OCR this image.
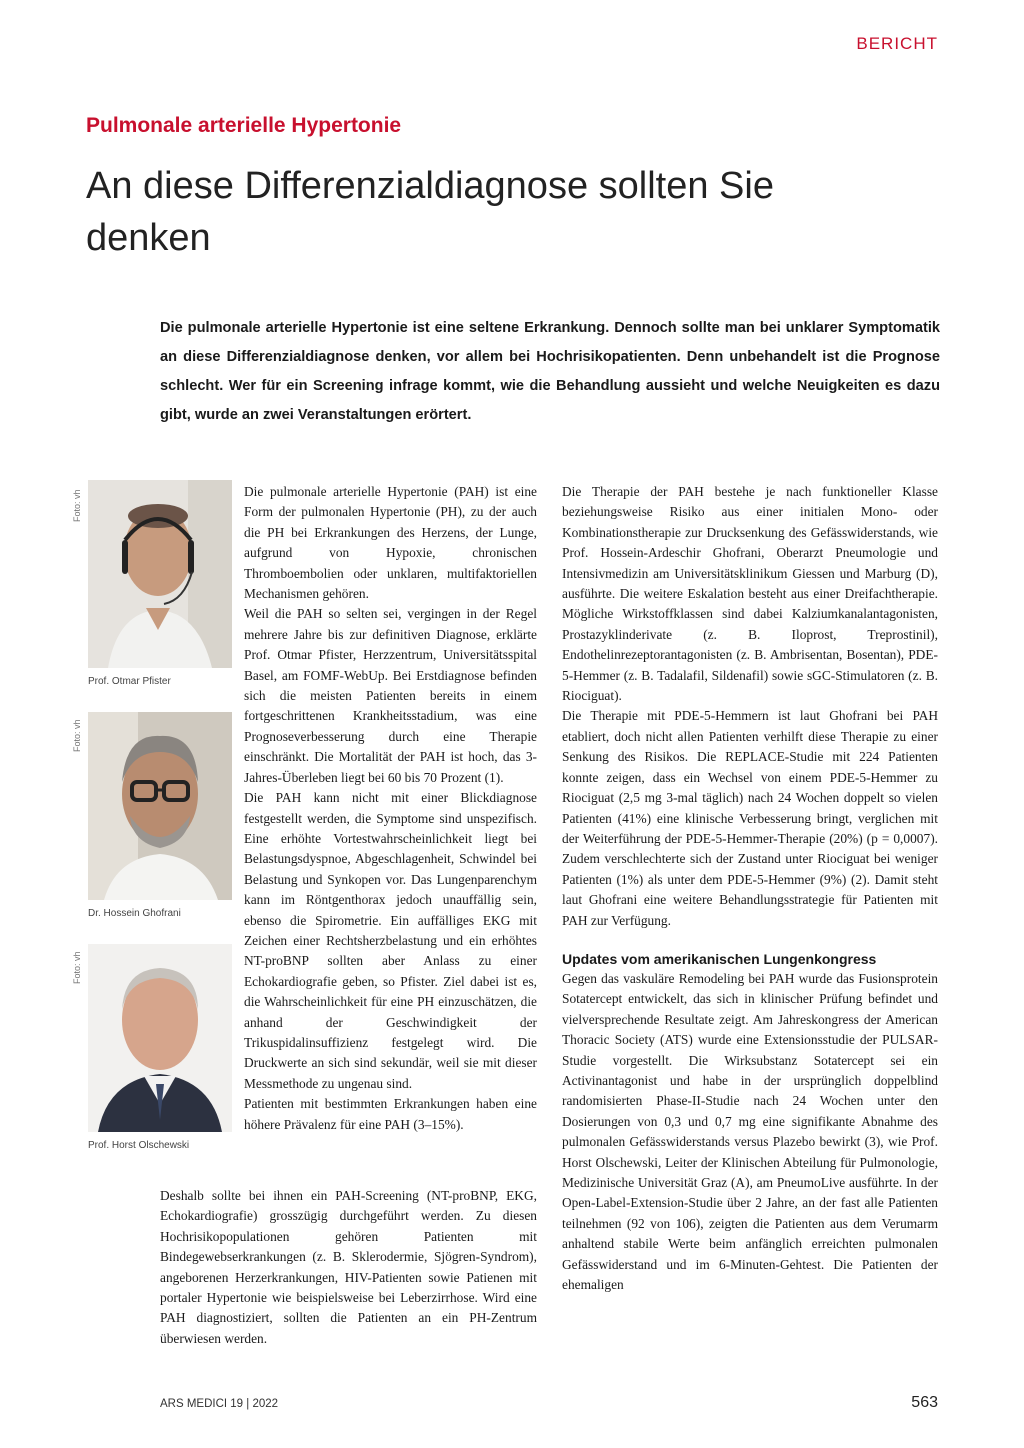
BERICHT
Pulmonale arterielle Hypertonie
An diese Differenzialdiagnose sollten Sie denken

Die pulmonale arterielle Hypertonie ist eine seltene Erkrankung. Dennoch sollte man bei unklarer Symptomatik an diese Differenzialdiagnose denken, vor allem bei Hochrisikopatienten. Denn unbehandelt ist die Prognose schlecht. Wer für ein Screening infrage kommt, wie die Behandlung aussieht und welche Neuigkeiten es dazu gibt, wurde an zwei Veranstaltungen erörtert.

Foto: vh
Prof. Otmar Pfister
Foto: vh
Dr. Hossein Ghofrani
Foto: vh
Prof. Horst Olschewski

Die pulmonale arterielle Hypertonie (PAH) ist eine Form der pulmonalen Hypertonie (PH), zu der auch die PH bei Erkrankungen des Herzens, der Lunge, aufgrund von Hypoxie, chronischen Thromboembolien oder unklaren, multifaktoriellen Mechanismen gehören.

Weil die PAH so selten sei, vergingen in der Regel mehrere Jahre bis zur definitiven Diagnose, erklärte Prof. Otmar Pfister, Herzzentrum, Universitätsspital Basel, am FOMF-WebUp. Bei Erstdiagnose befinden sich die meisten Patienten bereits in einem fortgeschrittenen Krankheitsstadium, was eine Prognoseverbesserung durch eine Therapie einschränkt. Die Mortalität der PAH ist hoch, das 3-Jahres-Überleben liegt bei 60 bis 70 Prozent (1).

Die PAH kann nicht mit einer Blickdiagnose festgestellt werden, die Symptome sind unspezifisch. Eine erhöhte Vortestwahrscheinlichkeit liegt bei Belastungsdyspnoe, Abgeschlagenheit, Schwindel bei Belastung und Synkopen vor. Das Lungenparenchym kann im Röntgenthorax jedoch unauffällig sein, ebenso die Spirometrie. Ein auffälliges EKG mit Zeichen einer Rechtsherzbelastung und ein erhöhtes NT-proBNP sollten aber Anlass zu einer Echokardiografie geben, so Pfister. Ziel dabei ist es, die Wahrscheinlichkeit für eine PH einzuschätzen, die anhand der Geschwindigkeit der Trikuspidalinsuffizienz festgelegt wird. Die Druckwerte an sich sind sekundär, weil sie mit dieser Messmethode zu ungenau sind.

Patienten mit bestimmten Erkrankungen haben eine höhere Prävalenz für eine PAH (3–15%).

Deshalb sollte bei ihnen ein PAH-Screening (NT-proBNP, EKG, Echokardiografie) grosszügig durchgeführt werden. Zu diesen Hochrisikopopulationen gehören Patienten mit Bindegewebserkrankungen (z. B. Sklerodermie, Sjögren-Syndrom), angeborenen Herzerkrankungen, HIV-Patienten sowie Patienen mit portaler Hypertonie wie beispielsweise bei Leberzirrhose. Wird eine PAH diagnostiziert, sollten die Patienten an ein PH-Zentrum überwiesen werden.

Die Therapie der PAH bestehe je nach funktioneller Klasse beziehungsweise Risiko aus einer initialen Mono- oder Kombinationstherapie zur Drucksenkung des Gefässwiderstands, wie Prof. Hossein-Ardeschir Ghofrani, Oberarzt Pneumologie und Intensivmedizin am Universitätsklinikum Giessen und Marburg (D), ausführte. Die weitere Eskalation besteht aus einer Dreifachtherapie. Mögliche Wirkstoffklassen sind dabei Kalziumkanalantagonisten, Prostazyklinderivate (z. B. Iloprost, Treprostinil), Endothelinrezeptorantagonisten (z. B. Ambrisentan, Bosentan), PDE-5-Hemmer (z. B. Tadalafil, Sildenafil) sowie sGC-Stimulatoren (z. B. Riociguat).

Die Therapie mit PDE-5-Hemmern ist laut Ghofrani bei PAH etabliert, doch nicht allen Patienten verhilft diese Therapie zu einer Senkung des Risikos. Die REPLACE-Studie mit 224 Patienten konnte zeigen, dass ein Wechsel von einem PDE-5-Hemmer zu Riociguat (2,5 mg 3-mal täglich) nach 24 Wochen doppelt so vielen Patienten (41%) eine klinische Verbesserung bringt, verglichen mit der Weiterführung der PDE-5-Hemmer-Therapie (20%) (p = 0,0007). Zudem verschlechterte sich der Zustand unter Riociguat bei weniger Patienten (1%) als unter dem PDE-5-Hemmer (9%) (2). Damit steht laut Ghofrani eine weitere Behandlungsstrategie für Patienten mit PAH zur Verfügung.

Updates vom amerikanischen Lungenkongress

Gegen das vaskuläre Remodeling bei PAH wurde das Fusionsprotein Sotatercept entwickelt, das sich in klinischer Prüfung befindet und vielversprechende Resultate zeigt. Am Jahreskongress der American Thoracic Society (ATS) wurde eine Extensionsstudie der PULSAR-Studie vorgestellt. Die Wirksubstanz Sotatercept sei ein Activinantagonist und habe in der ursprünglich doppelblind randomisierten Phase-II-Studie nach 24 Wochen unter den Dosierungen von 0,3 und 0,7 mg eine signifikante Abnahme des pulmonalen Gefässwiderstands versus Plazebo bewirkt (3), wie Prof. Horst Olschewski, Leiter der Klinischen Abteilung für Pulmonologie, Medizinische Universität Graz (A), am PneumoLive ausführte. In der Open-Label-Extension-Studie über 2 Jahre, an der fast alle Patienten teilnehmen (92 von 106), zeigten die Patienten aus dem Verumarm anhaltend stabile Werte beim anfänglich erreichten pulmonalen Gefässwiderstand und im 6-Minuten-Gehtest. Die Patienten der ehemaligen

ARS MEDICI 19 | 2022	563
